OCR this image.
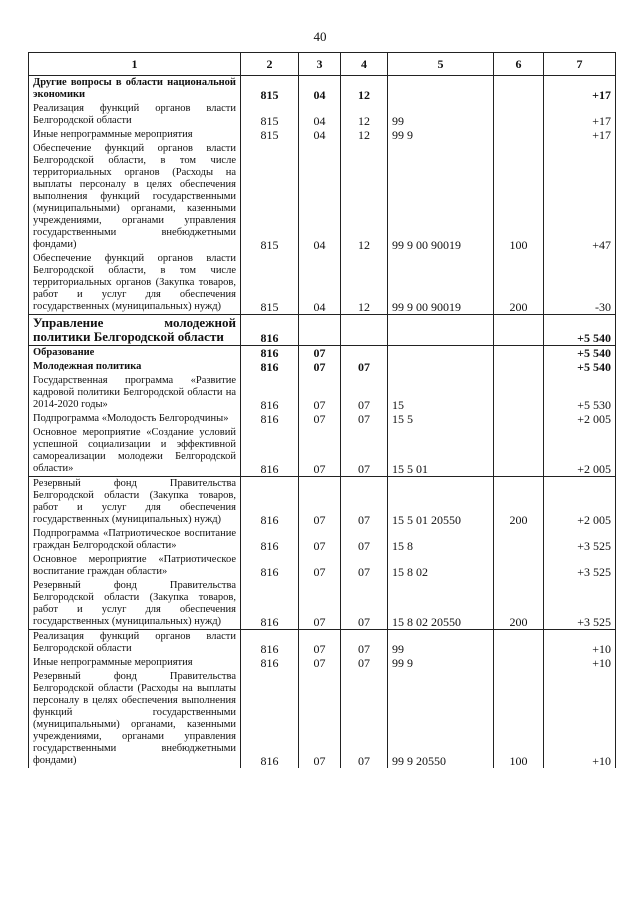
40
1	2	3	4	5	6	7
Другие вопросы в области национальной экономики	815	04	12			+17
Реализация функций органов власти Белгородской области	815	04	12	99		+17
Иные непрограммные мероприятия	815	04	12	99 9		+17
Обеспечение функций органов власти Белгородской области, в том числе территориальных органов (Расходы на выплаты персоналу в целях обеспечения выполнения функций государственными (муниципальными) органами, казенными учреждениями, органами управления государственными внебюджетными фондами)	815	04	12	99 9 00 90019	100	+47
Обеспечение функций органов власти Белгородской области, в том числе территориальных органов (Закупка товаров, работ и услуг для обеспечения государственных (муниципальных) нужд)	815	04	12	99 9 00 90019	200	-30
Управление молодежной политики Белгородской области	816					+5 540
Образование	816	07				+5 540
Молодежная политика	816	07	07			+5 540
Государственная программа «Развитие кадровой политики Белгородской области на 2014-2020 годы»	816	07	07	15		+5 530
Подпрограмма «Молодость Белгородчины»	816	07	07	15 5		+2 005
Основное мероприятие «Создание условий успешной социализации и эффективной самореализации молодежи Белгородской области»	816	07	07	15 5 01		+2 005
Резервный фонд Правительства Белгородской области (Закупка товаров, работ и услуг для обеспечения государственных (муниципальных) нужд)	816	07	07	15 5 01 20550	200	+2 005
Подпрограмма «Патриотическое воспитание граждан Белгородской области»	816	07	07	15 8		+3 525
Основное мероприятие «Патриотическое воспитание граждан области»	816	07	07	15 8 02		+3 525
Резервный фонд Правительства Белгородской области (Закупка товаров, работ и услуг для обеспечения государственных (муниципальных) нужд)	816	07	07	15 8 02 20550	200	+3 525
Реализация функций органов власти Белгородской области	816	07	07	99		+10
Иные непрограммные мероприятия	816	07	07	99 9		+10
Резервный фонд Правительства Белгородской области (Расходы на выплаты персоналу в целях обеспечения выполнения функций государственными (муниципальными) органами, казенными учреждениями, органами управления государственными внебюджетными фондами)	816	07	07	99 9 20550	100	+10
